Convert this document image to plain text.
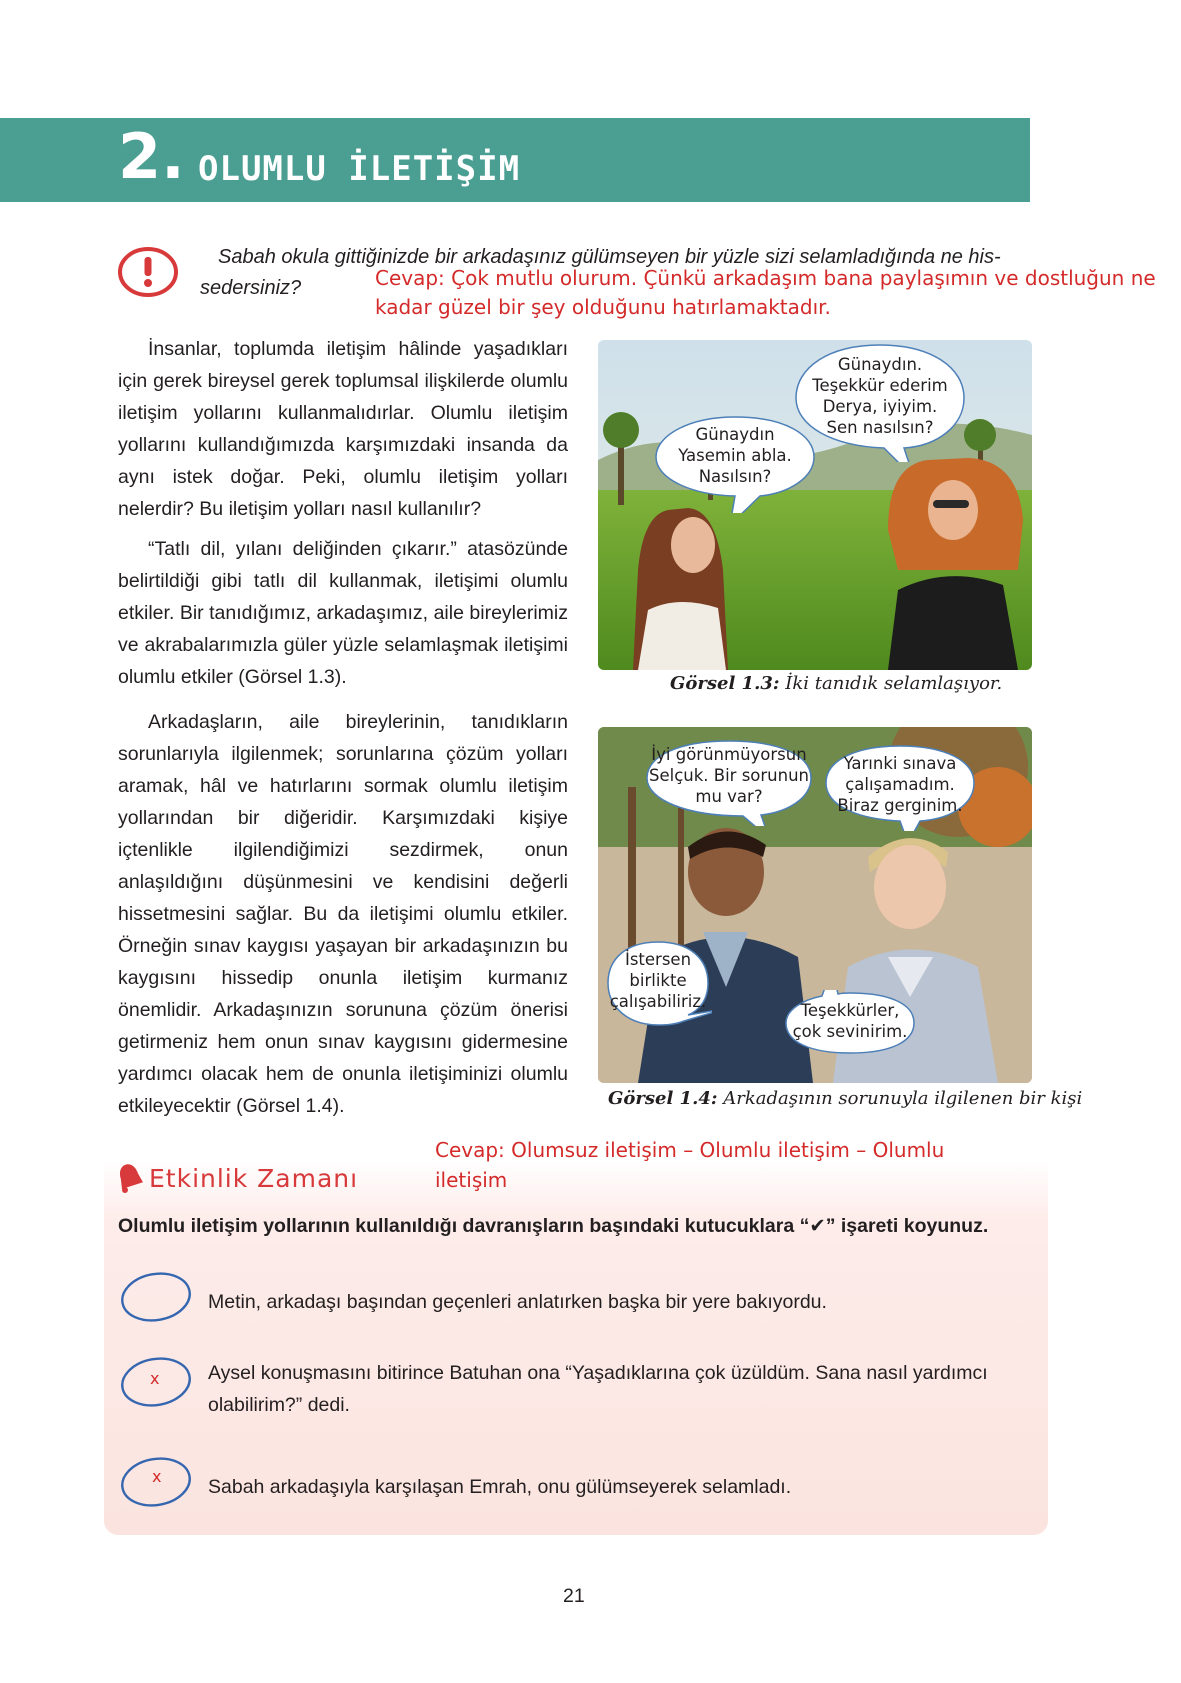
2. OLUMLU İLETİŞİM
Sabah okula gittiğinizde bir arkadaşınız gülümseyen bir yüzle sizi selamladığında ne his-
sedersiniz?	Cevap: Çok mutlu olurum. Çünkü arkadaşım bana paylaşımın ve dostluğun ne
kadar güzel bir şey olduğunu hatırlamaktadır.

İnsanlar, toplumda iletişim hâlinde yaşadıkları için gerek bireysel gerek toplumsal ilişkilerde olumlu iletişim yollarını kullanmalıdırlar. Olumlu iletişim yollarını kullandığımızda karşımızdaki insanda da aynı istek doğar. Peki, olumlu iletişim yolları nelerdir? Bu iletişim yolları nasıl kullanılır?

“Tatlı dil, yılanı deliğinden çıkarır.” atasözünde belirtildiği gibi tatlı dil kullanmak, iletişimi olumlu etkiler. Bir tanıdığımız, arkadaşımız, aile bireylerimiz ve akrabalarımızla güler yüzle selamlaşmak iletişimi olumlu etkiler (Görsel 1.3).

Arkadaşların, aile bireylerinin, tanıdıkların sorunlarıyla ilgilenmek; sorunlarına çözüm yolları aramak, hâl ve hatırlarını sormak olumlu iletişim yollarından bir diğeridir. Karşımızdaki kişiye içtenlikle ilgilendiğimizi sezdirmek, onun anlaşıldığını düşünmesini ve kendisini değerli hissetmesini sağlar. Bu da iletişimi olumlu etkiler. Örneğin sınav kaygısı yaşayan bir arkadaşınızın bu kaygısını hissedip onunla iletişim kurmanız önemlidir. Arkadaşınızın sorununa çözüm önerisi getirmeniz hem onun sınav kaygısını gidermesine yardımcı olacak hem de onunla iletişiminizi olumlu etkileyecektir (Görsel 1.4).

Günaydın
Yasemin abla.
Nasılsın?
Günaydın.
Teşekkür ederim
Derya, iyiyim.
Sen nasılsın?
Görsel 1.3: İki tanıdık selamlaşıyor.
İyi görünmüyorsun
Selçuk. Bir sorunun
mu var?
Yarınki sınava
çalışamadım.
Biraz gerginim.
İstersen
birlikte
çalışabiliriz.	Teşekkürler,
çok sevinirim.
Görsel 1.4: Arkadaşının sorunuyla ilgilenen bir kişi
Cevap: Olumsuz iletişim – Olumlu iletişim – Olumlu iletişim
Etkinlik Zamanı
Olumlu iletişim yollarının kullanıldığı davranışların başındaki kutucuklara “✔” işareti koyunuz.
Metin, arkadaşı başından geçenleri anlatırken başka bir yere bakıyordu.
x Aysel konuşmasını bitirince Batuhan ona “Yaşadıklarına çok üzüldüm. Sana nasıl yardımcı olabilirim?” dedi.
x Sabah arkadaşıyla karşılaşan Emrah, onu gülümseyerek selamladı.
21
